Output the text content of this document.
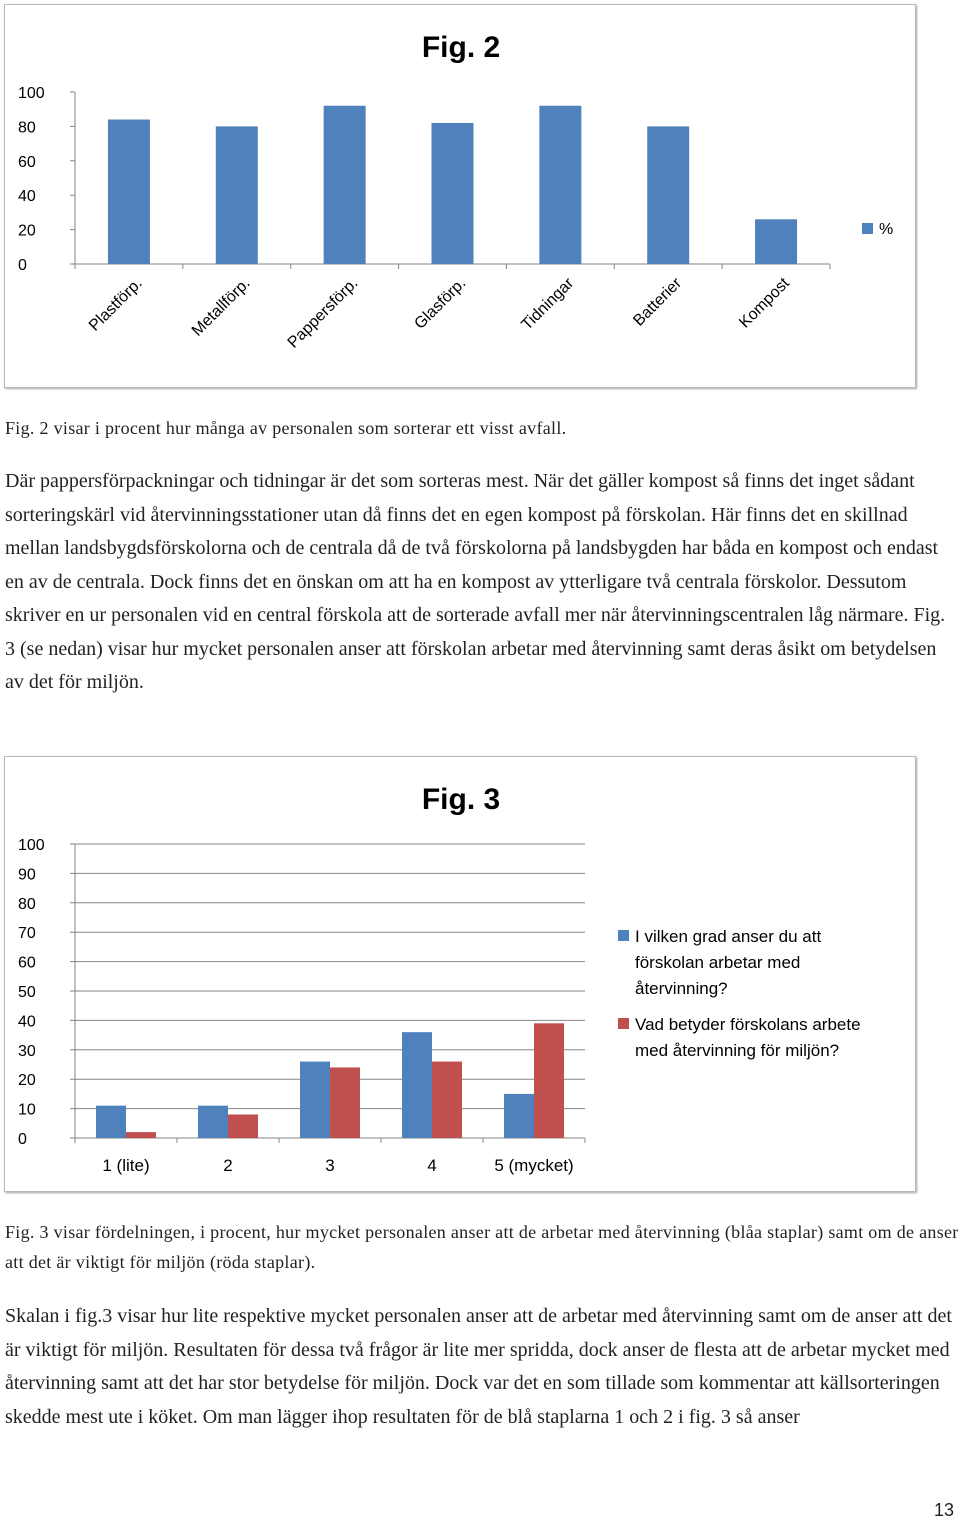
Fig. 2
0
20
40
60
80
100
Plastförp.	Metallförp. Pappersförp.	Glasförp.	Tidningar	Batterier	Kompost
%

Fig. 2 visar i procent hur många av personalen som sorterar ett visst avfall.

Där pappersförpackningar och tidningar är det som sorteras mest. När det gäller kompost så finns det inget sådant sorteringskärl vid återvinningsstationer utan då finns det en egen kompost på förskolan. Här finns det en skillnad mellan landsbygdsförskolorna och de centrala då de två förskolorna på landsbygden har båda en kompost och endast en av de centrala. Dock finns det en önskan om att ha en kompost av ytterligare två centrala förskolor. Dessutom skriver en ur personalen vid en central förskola att de sorterade avfall mer när återvinningscentralen låg närmare. Fig. 3 (se nedan) visar hur mycket personalen anser att förskolan arbetar med återvinning samt deras åsikt om betydelsen av det för miljön.

Fig. 3
0
10
20
30
40
50
60
70
80
90
100
1 (lite)	2	3	4	5 (mycket)
I vilken grad anser du att förskolan arbetar med återvinning?
Vad betyder förskolans arbete med återvinning för miljön?

Fig. 3 visar fördelningen, i procent, hur mycket personalen anser att de arbetar med återvinning (blåa staplar) samt om de anser att det är viktigt för miljön (röda staplar).

Skalan i fig.3 visar hur lite respektive mycket personalen anser att de arbetar med återvinning samt om de anser att det är viktigt för miljön. Resultaten för dessa två frågor är lite mer spridda, dock anser de flesta att de arbetar mycket med återvinning samt att det har stor betydelse för miljön. Dock var det en som tillade som kommentar att källsorteringen skedde mest ute i köket. Om man lägger ihop resultaten för de blå staplarna 1 och 2 i fig. 3 så anser

13
